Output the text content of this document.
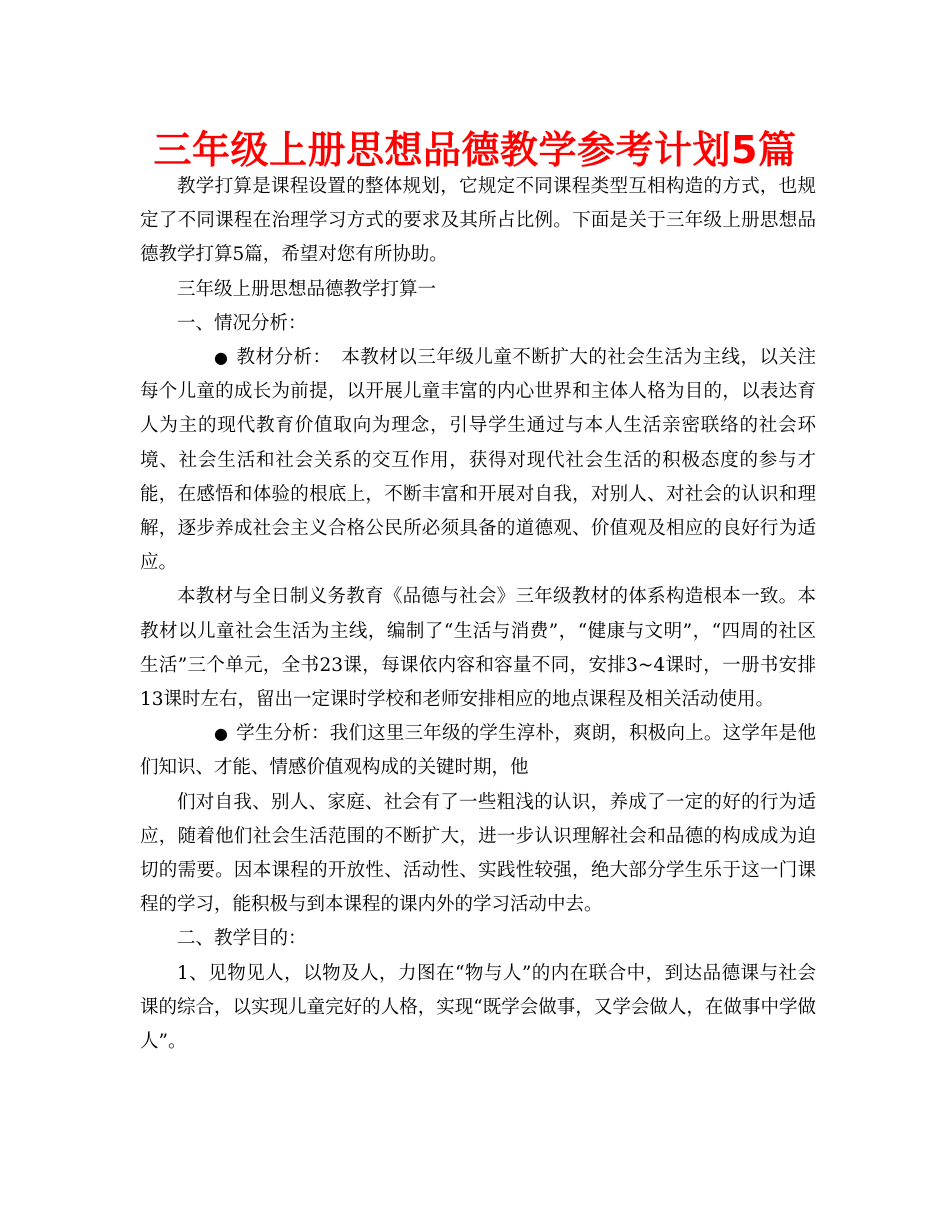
三年级上册思想品德教学参考计划5篇

教学打算是课程设置的整体规划，它规定不同课程类型互相构造的方式，也规定了不同课程在治理学习方式的要求及其所占比例。下面是关于三年级上册思想品德教学打算5篇，希望对您有所协助。

三年级上册思想品德教学打算一

一、情况分析：

● 教材分析：　本教材以三年级儿童不断扩大的社会生活为主线，以关注每个儿童的成长为前提，以开展儿童丰富的内心世界和主体人格为目的，以表达育人为主的现代教育价值取向为理念，引导学生通过与本人生活亲密联络的社会环境、社会生活和社会关系的交互作用，获得对现代社会生活的积极态度的参与才能，在感悟和体验的根底上，不断丰富和开展对自我，对别人、对社会的认识和理解，逐步养成社会主义合格公民所必须具备的道德观、价值观及相应的良好行为适应。

本教材与全日制义务教育《品德与社会》三年级教材的体系构造根本一致。本教材以儿童社会生活为主线，编制了“生活与消费”，“健康与文明”，“四周的社区生活”三个单元，全书23课，每课依内容和容量不同，安排3~4课时，一册书安排13课时左右，留出一定课时学校和老师安排相应的地点课程及相关活动使用。

● 学生分析：我们这里三年级的学生淳朴，爽朗，积极向上。这学年是他们知识、才能、情感价值观构成的关键时期，他

们对自我、别人、家庭、社会有了一些粗浅的认识，养成了一定的好的行为适应，随着他们社会生活范围的不断扩大，进一步认识理解社会和品德的构成成为迫切的需要。因本课程的开放性、活动性、实践性较强，绝大部分学生乐于这一门课程的学习，能积极与到本课程的课内外的学习活动中去。

二、教学目的：

1、见物见人，以物及人，力图在“物与人”的内在联合中，到达品德课与社会课的综合，以实现儿童完好的人格，实现“既学会做事，又学会做人，在做事中学做人”。
